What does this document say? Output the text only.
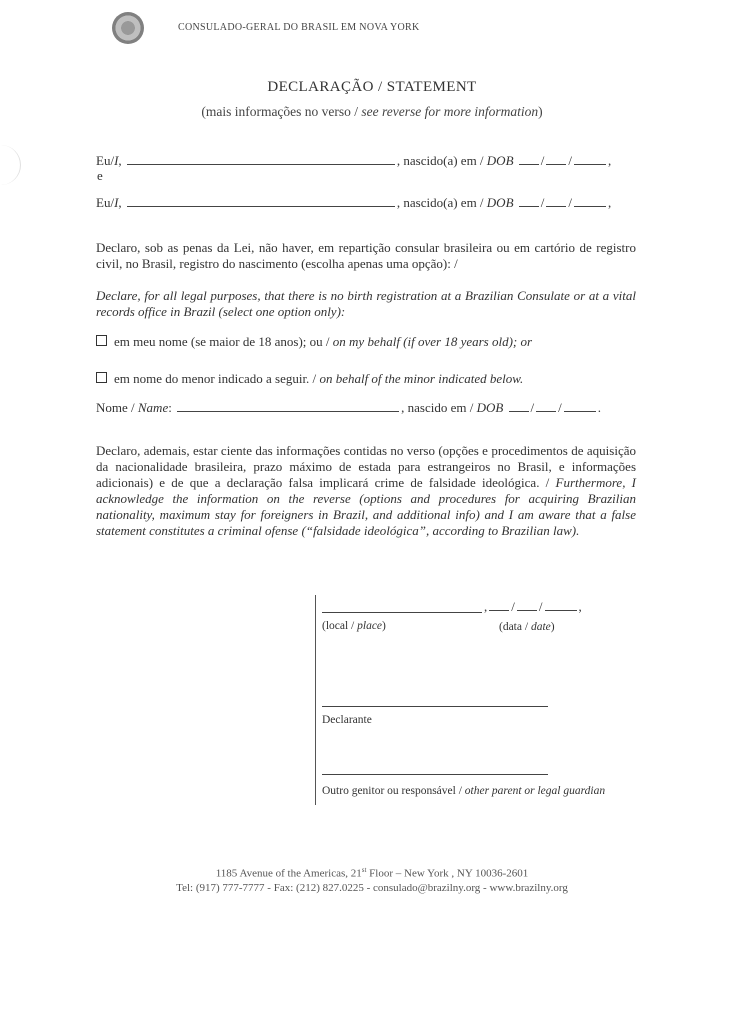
CONSULADO-GERAL DO BRASIL EM NOVA YORK
DECLARAÇÃO / STATEMENT
(mais informações no verso / see reverse for more information)
Eu/I,	, nascido(a) em / DOB / /	,
e
Eu/I,	, nascido(a) em / DOB / /	,
Declaro, sob as penas da Lei, não haver, em repartição consular brasileira ou em cartório de registro civil, no Brasil, registro do nascimento (escolha apenas uma opção): /
Declare, for all legal purposes, that there is no birth registration at a Brazilian Consulate or at a vital records office in Brazil (select one option only):
em meu nome (se maior de 18 anos); ou / on my behalf (if over 18 years old); or
em nome do menor indicado a seguir. / on behalf of the minor indicated below.
Nome / Name:	, nascido em / DOB / /	.
Declaro, ademais, estar ciente das informações contidas no verso (opções e procedimentos de aquisição da nacionalidade brasileira, prazo máximo de estada para estrangeiros no Brasil, e informações adicionais) e de que a declaração falsa implicará crime de falsidade ideológica. / Furthermore, I acknowledge the information on the reverse (options and procedures for acquiring Brazilian nationality, maximum stay for foreigners in Brazil, and additional info) and I am aware that a false statement constitutes a criminal ofense (“falsidade ideológica”, according to Brazilian law).
, / /	,
(local / place)	(data / date)
Declarante
Outro genitor ou responsável / other parent or legal guardian
1185 Avenue of the Americas, 21st Floor – New York , NY 10036-2601
Tel: (917) 777-7777 - Fax: (212) 827.0225 - consulado@brazilny.org - www.brazilny.org
